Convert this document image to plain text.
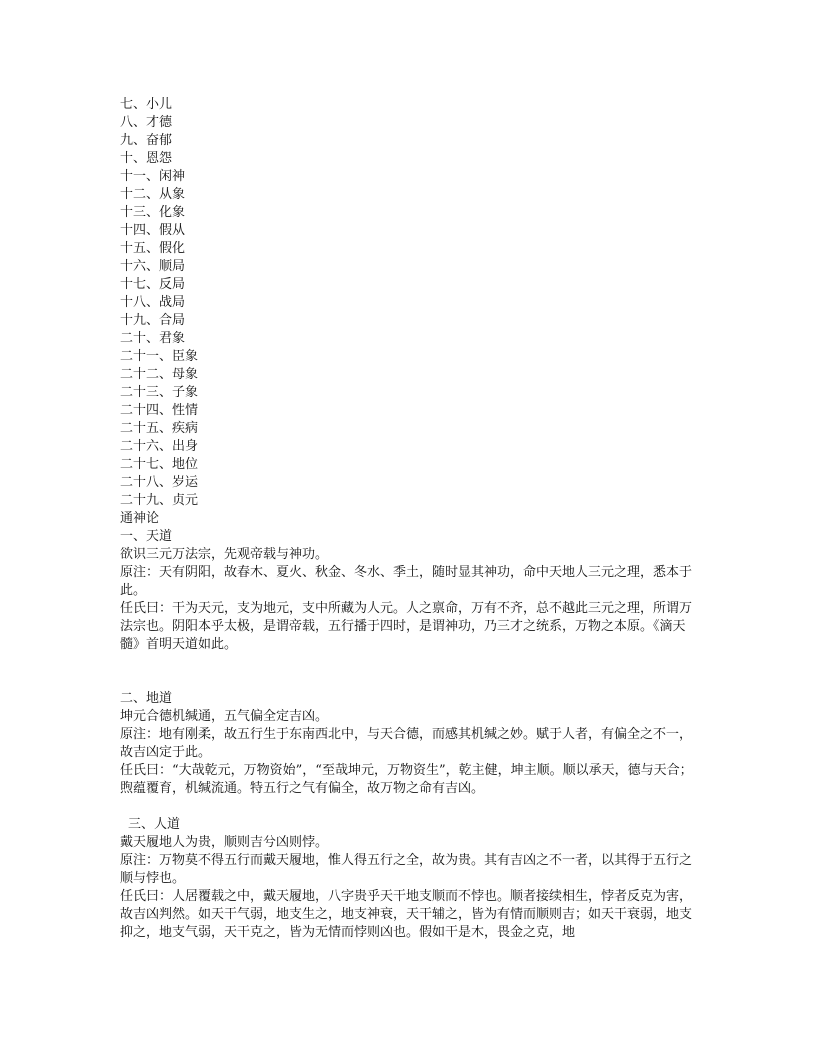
七、小儿
八、才德
九、奋郁
十、恩怨
十一、闲神
十二、从象
十三、化象
十四、假从
十五、假化
十六、顺局
十七、反局
十八、战局
十九、合局
二十、君象
二十一、臣象
二十二、母象
二十三、子象
二十四、性情
二十五、疾病
二十六、出身
二十七、地位
二十八、岁运
二十九、贞元
通神论
一、天道
欲识三元万法宗，先观帝载与神功。
原注：天有阴阳，故春木、夏火、秋金、冬水、季土，随时显其神功，命中天地人三元之理，悉本于此。
任氏曰：干为天元，支为地元，支中所藏为人元。人之禀命，万有不齐，总不越此三元之理，所谓万法宗也。阴阳本乎太极，是谓帝载，五行播于四时，是谓神功，乃三才之统系，万物之本原。《滴天髓》首明天道如此。
二、地道
坤元合德机缄通，五气偏全定吉凶。
原注：地有刚柔，故五行生于东南西北中，与天合德，而感其机缄之妙。赋于人者，有偏全之不一，故吉凶定于此。
任氏曰：“大哉乾元，万物资始”，“至哉坤元，万物资生”，乾主健，坤主顺。顺以承天，德与天合；煦蕴覆育，机缄流通。特五行之气有偏全，故万物之命有吉凶。
三、人道
戴天履地人为贵，顺则吉兮凶则悖。
原注：万物莫不得五行而戴天履地，惟人得五行之全，故为贵。其有吉凶之不一者，以其得于五行之顺与悖也。
任氏曰：人居覆载之中，戴天履地，八字贵乎天干地支顺而不悖也。顺者接续相生，悖者反克为害，故吉凶判然。如天干气弱，地支生之，地支神衰，天干辅之，皆为有情而顺则吉；如天干衰弱，地支抑之，地支气弱，天干克之，皆为无情而悖则凶也。假如干是木，畏金之克，地
